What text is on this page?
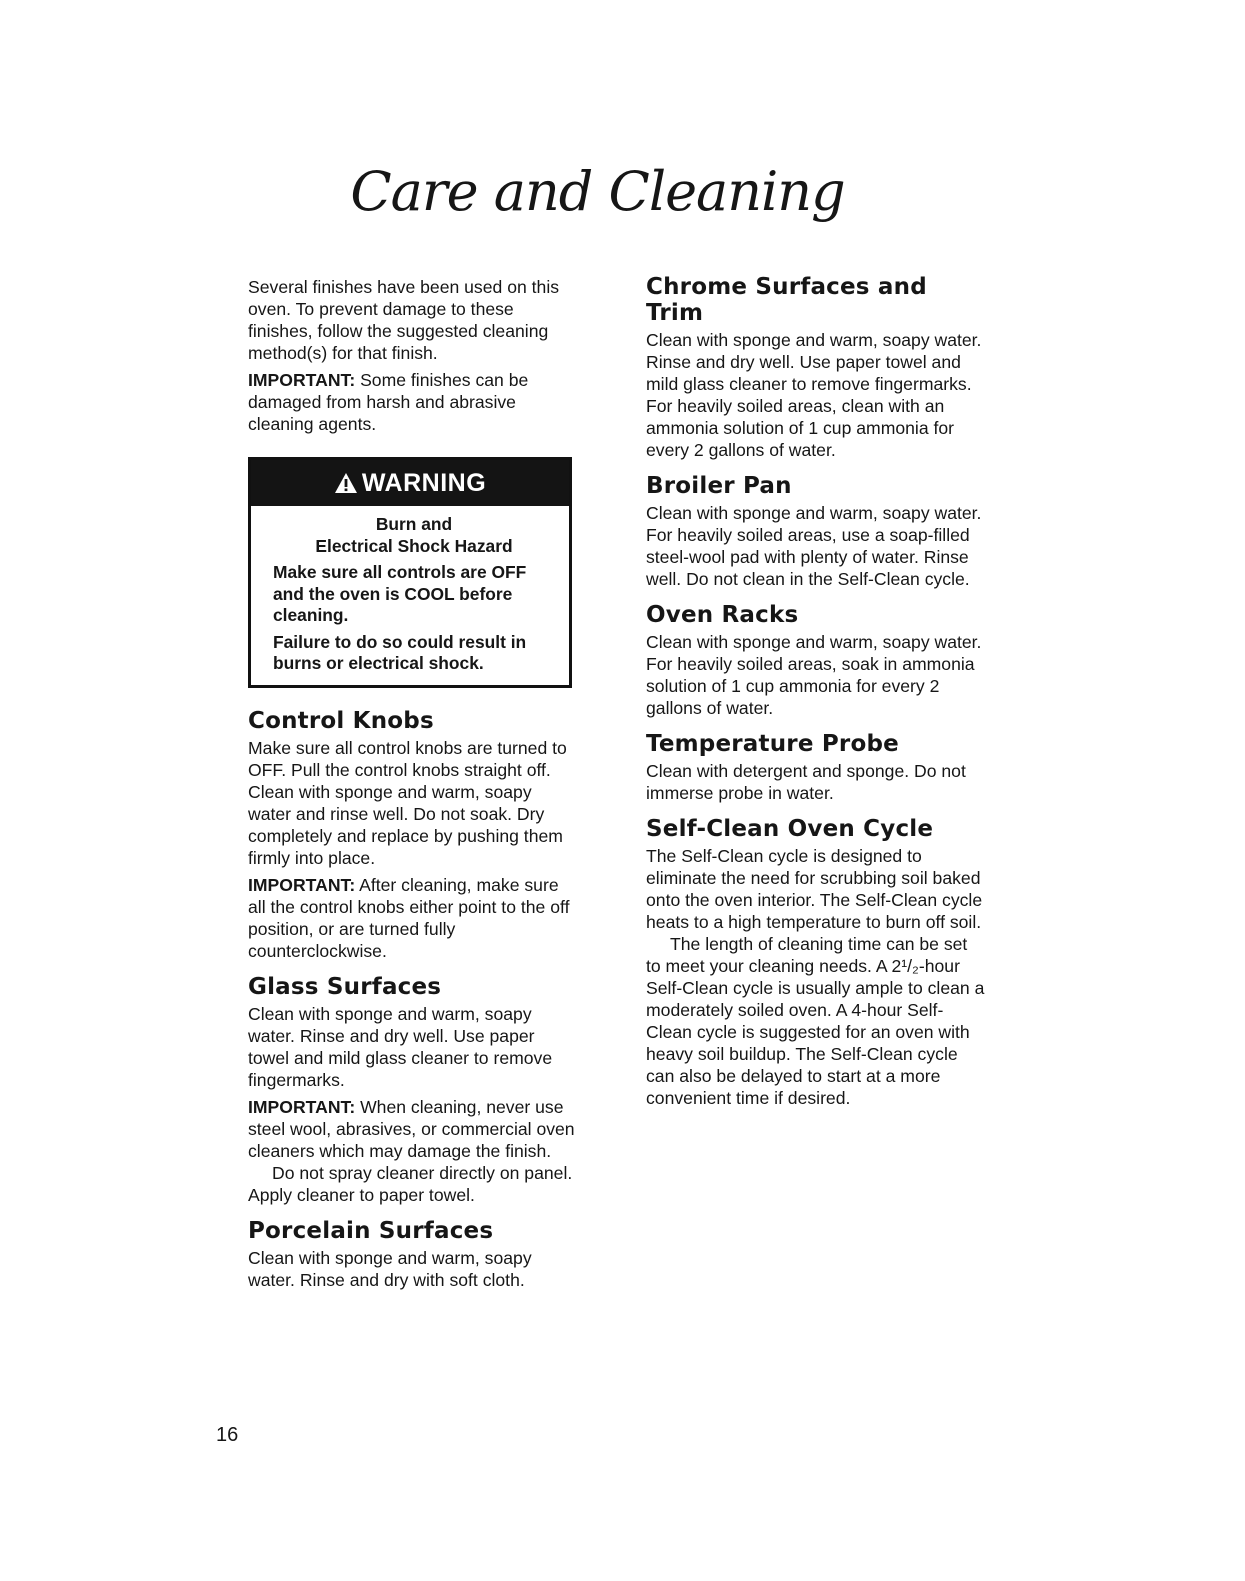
Care and Cleaning

Several finishes have been used on this oven. To prevent damage to these finishes, follow the suggested cleaning method(s) for that finish.

IMPORTANT: Some finishes can be damaged from harsh and abrasive cleaning agents.

WARNING

Burn and

Electrical Shock Hazard

Make sure all controls are OFF and the oven is COOL before cleaning.

Failure to do so could result in burns or electrical shock.

Control Knobs

Make sure all control knobs are turned to OFF. Pull the control knobs straight off. Clean with sponge and warm, soapy water and rinse well. Do not soak. Dry completely and replace by pushing them firmly into place.

IMPORTANT: After cleaning, make sure all the control knobs either point to the off position, or are turned fully counterclockwise.

Glass Surfaces

Clean with sponge and warm, soapy water. Rinse and dry well. Use paper towel and mild glass cleaner to remove fingermarks.

IMPORTANT: When cleaning, never use steel wool, abrasives, or commercial oven cleaners which may damage the finish.

Do not spray cleaner directly on panel. Apply cleaner to paper towel.

Porcelain Surfaces

Clean with sponge and warm, soapy water. Rinse and dry with soft cloth.

Chrome Surfaces and Trim

Clean with sponge and warm, soapy water. Rinse and dry well. Use paper towel and mild glass cleaner to remove fingermarks. For heavily soiled areas, clean with an ammonia solution of 1 cup ammonia for every 2 gallons of water.

Broiler Pan

Clean with sponge and warm, soapy water. For heavily soiled areas, use a soap-filled steel-wool pad with plenty of water. Rinse well. Do not clean in the Self-Clean cycle.

Oven Racks

Clean with sponge and warm, soapy water. For heavily soiled areas, soak in ammonia solution of 1 cup ammonia for every 2 gallons of water.

Temperature Probe

Clean with detergent and sponge. Do not immerse probe in water.

Self-Clean Oven Cycle

The Self-Clean cycle is designed to eliminate the need for scrubbing soil baked onto the oven interior. The Self-Clean cycle heats to a high temperature to burn off soil.

The length of cleaning time can be set to meet your cleaning needs. A 2¹/₂-hour Self-Clean cycle is usually ample to clean a moderately soiled oven. A 4-hour Self-Clean cycle is suggested for an oven with heavy soil buildup. The Self-Clean cycle can also be delayed to start at a more convenient time if desired.

16
